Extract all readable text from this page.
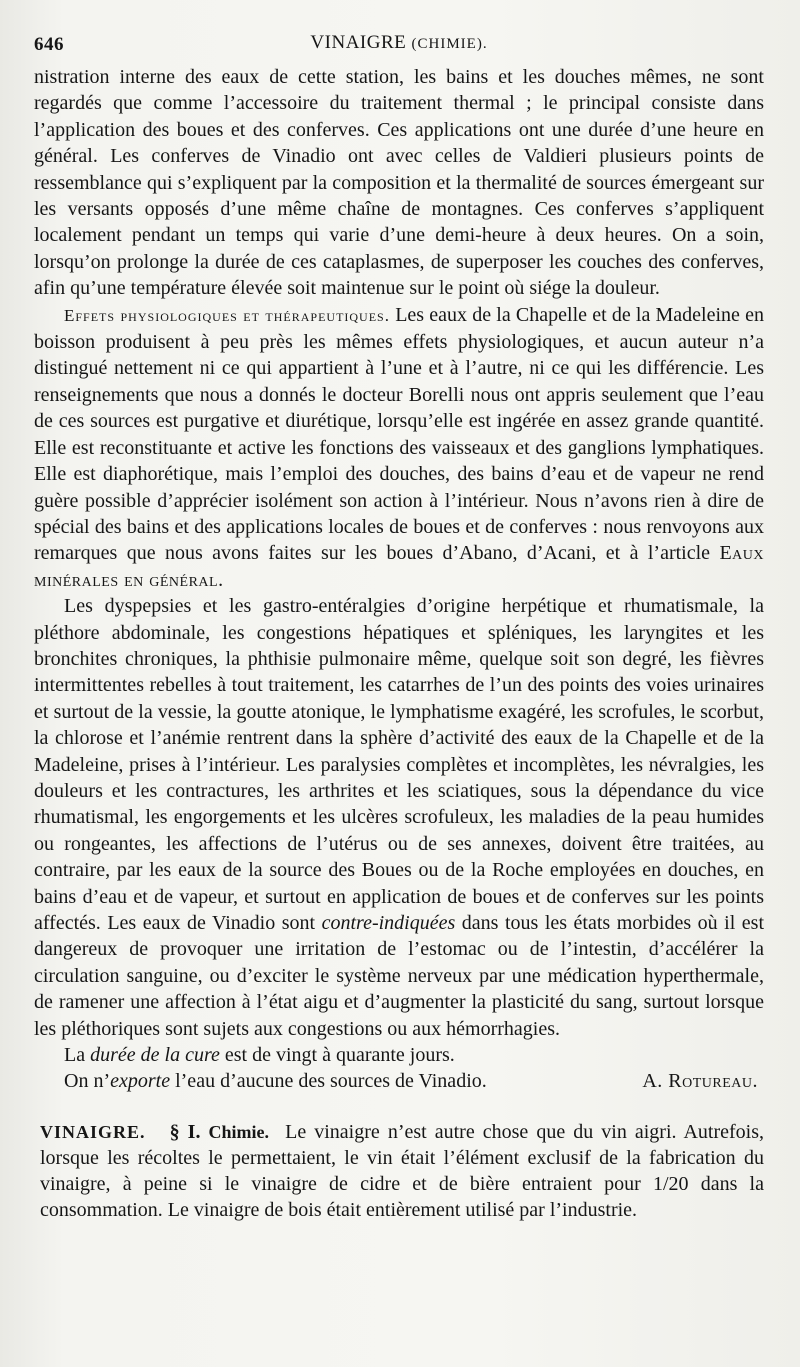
646	VINAIGRE (CHIMIE).

nistration interne des eaux de cette station, les bains et les douches mêmes, ne sont regardés que comme l’accessoire du traitement thermal ; le principal consiste dans l’application des boues et des conferves. Ces applications ont une durée d’une heure en général. Les conferves de Vinadio ont avec celles de Valdieri plusieurs points de ressemblance qui s’expliquent par la composition et la thermalité de sources émergeant sur les versants opposés d’une même chaîne de montagnes. Ces conferves s’appliquent localement pendant un temps qui varie d’une demi-heure à deux heures. On a soin, lorsqu’on prolonge la durée de ces cataplasmes, de superposer les couches des conferves, afin qu’une température élevée soit maintenue sur le point où siége la douleur.

Effets physiologiques et thérapeutiques. Les eaux de la Chapelle et de la Madeleine en boisson produisent à peu près les mêmes effets physiologiques, et aucun auteur n’a distingué nettement ni ce qui appartient à l’une et à l’autre, ni ce qui les différencie. Les renseignements que nous a donnés le docteur Borelli nous ont appris seulement que l’eau de ces sources est purgative et diurétique, lorsqu’elle est ingérée en assez grande quantité. Elle est reconstituante et active les fonctions des vaisseaux et des ganglions lymphatiques. Elle est diaphorétique, mais l’emploi des douches, des bains d’eau et de vapeur ne rend guère possible d’apprécier isolément son action à l’intérieur. Nous n’avons rien à dire de spécial des bains et des applications locales de boues et de conferves : nous renvoyons aux remarques que nous avons faites sur les boues d’Abano, d’Acani, et à l’article Eaux minérales en général.

Les dyspepsies et les gastro-entéralgies d’origine herpétique et rhumatismale, la pléthore abdominale, les congestions hépatiques et spléniques, les laryngites et les bronchites chroniques, la phthisie pulmonaire même, quelque soit son degré, les fièvres intermittentes rebelles à tout traitement, les catarrhes de l’un des points des voies urinaires et surtout de la vessie, la goutte atonique, le lymphatisme exagéré, les scrofules, le scorbut, la chlorose et l’anémie rentrent dans la sphère d’activité des eaux de la Chapelle et de la Madeleine, prises à l’intérieur. Les paralysies complètes et incomplètes, les névralgies, les douleurs et les contractures, les arthrites et les sciatiques, sous la dépendance du vice rhumatismal, les engorgements et les ulcères scrofuleux, les maladies de la peau humides ou rongeantes, les affections de l’utérus ou de ses annexes, doivent être traitées, au contraire, par les eaux de la source des Boues ou de la Roche employées en douches, en bains d’eau et de vapeur, et surtout en application de boues et de conferves sur les points affectés. Les eaux de Vinadio sont contre-indiquées dans tous les états morbides où il est dangereux de provoquer une irritation de l’estomac ou de l’intestin, d’accélérer la circulation sanguine, ou d’exciter le système nerveux par une médication hyperthermale, de ramener une affection à l’état aigu et d’augmenter la plasticité du sang, surtout lorsque les pléthoriques sont sujets aux congestions ou aux hémorrhagies.

La durée de la cure est de vingt à quarante jours.

On n’exporte l’eau d’aucune des sources de Vinadio.	A. Rotureau.

VINAIGRE. § I. Chimie. Le vinaigre n’est autre chose que du vin aigri. Autrefois, lorsque les récoltes le permettaient, le vin était l’élément exclusif de la fabrication du vinaigre, à peine si le vinaigre de cidre et de bière entraient pour 1/20 dans la consommation. Le vinaigre de bois était entièrement utilisé par l’industrie.
